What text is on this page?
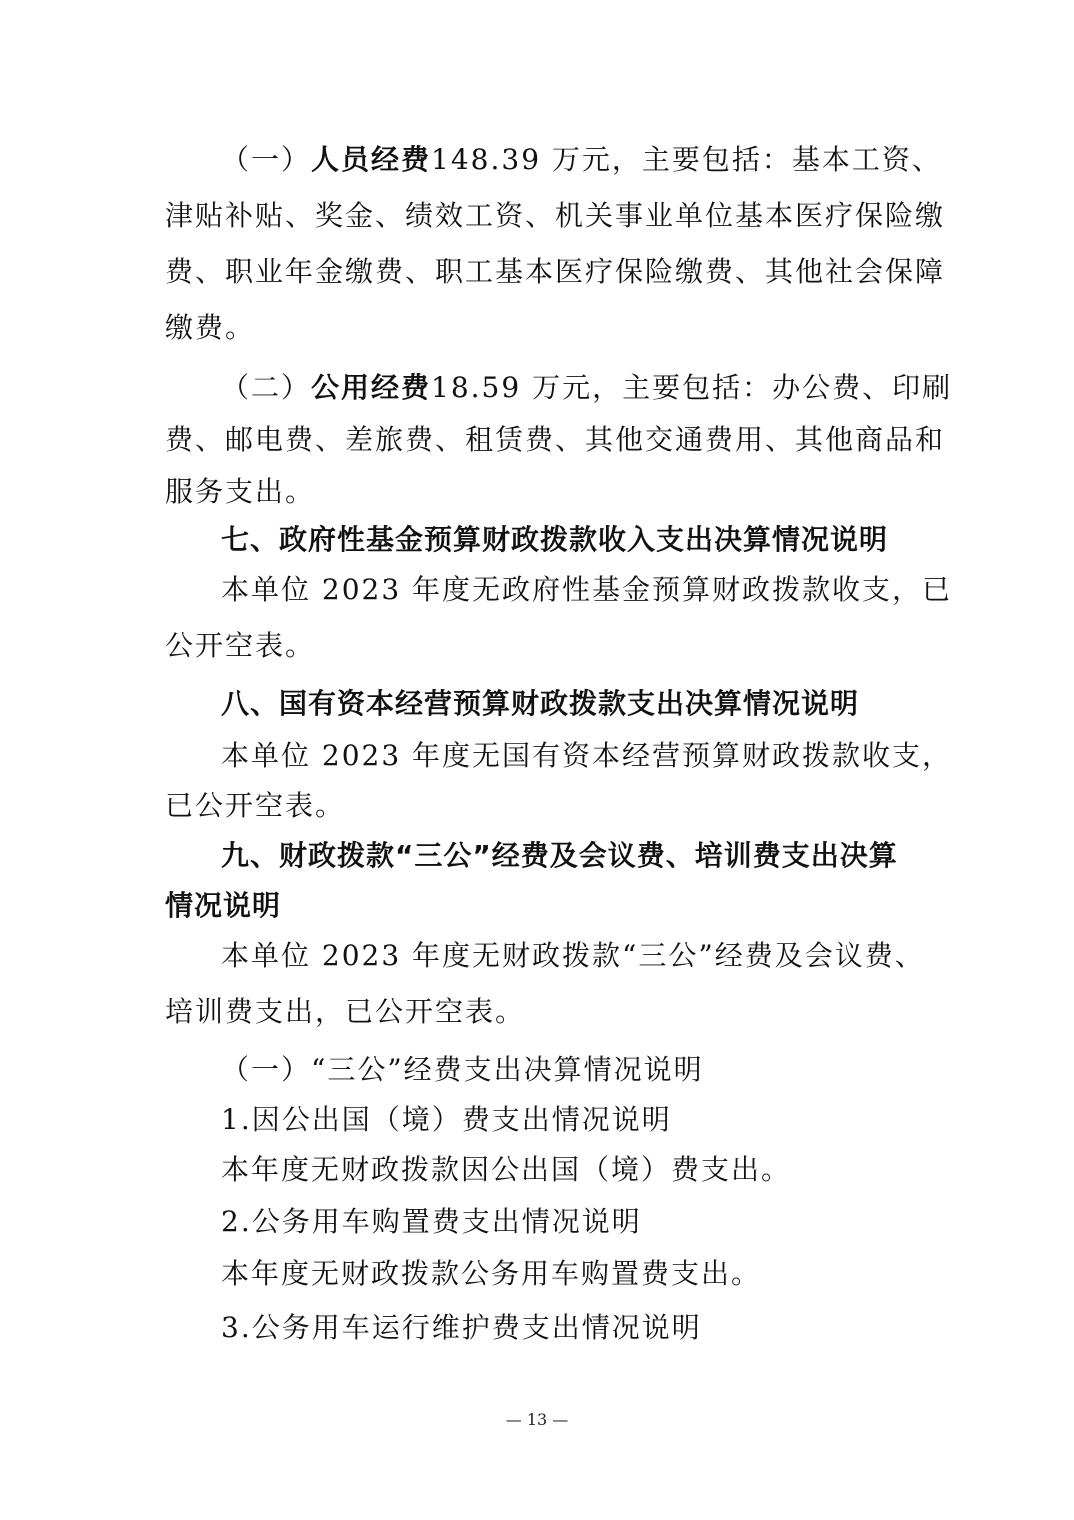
（一）人员经费148.39 万元，主要包括：基本工资、
津贴补贴、奖金、绩效工资、机关事业单位基本医疗保险缴
费、职业年金缴费、职工基本医疗保险缴费、其他社会保障
缴费。
（二）公用经费18.59 万元，主要包括：办公费、印刷
费、邮电费、差旅费、租赁费、其他交通费用、其他商品和
服务支出。
七、政府性基金预算财政拨款收入支出决算情况说明
本单位 2023 年度无政府性基金预算财政拨款收支，已
公开空表。
八、国有资本经营预算财政拨款支出决算情况说明
本单位 2023 年度无国有资本经营预算财政拨款收支，
已公开空表。
九、财政拨款“三公”经费及会议费、培训费支出决算
情况说明
本单位 2023 年度无财政拨款“三公”经费及会议费、
培训费支出，已公开空表。
（一）“三公”经费支出决算情况说明
1.因公出国（境）费支出情况说明
本年度无财政拨款因公出国（境）费支出。
2.公务用车购置费支出情况说明
本年度无财政拨款公务用车购置费支出。
3.公务用车运行维护费支出情况说明
— 13 —
